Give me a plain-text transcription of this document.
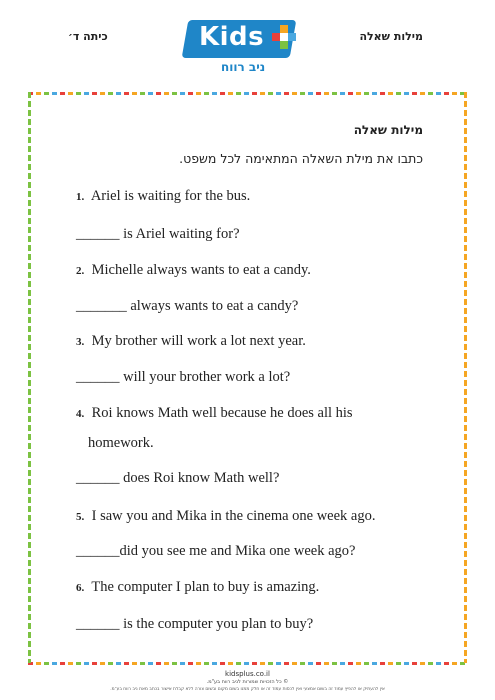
כיתה ד׳	מילות שאלה
Kids
ניב רווח
מילות שאלה
כתבו את מילת השאלה המתאימה לכל משפט.
1. Ariel is waiting for the bus.
______ is Ariel waiting for?
2. Michelle always wants to eat a candy.
_______ always wants to eat a candy?
3. My brother will work a lot next year.
______ will your brother work a lot?
4. Roi knows Math well because he does all his
homework.
______ does Roi know Math well?
5. I saw you and Mika in the cinema one week ago.
______did you see me and Mika one week ago?
6. The computer I plan to buy is amazing.
______ is the computer you plan to buy?
kidsplus.co.il
© כל הזכויות שמורות לניב רווח בע"מ.
אין להעתיק או להפיץ עמוד זה בשום אמצעי ואין לכסות עמוד זה או חלק ממנו בשום מקום ובשום צורה ללא קבלת אישור בכתב מאת ניב רווח בע"מ.
